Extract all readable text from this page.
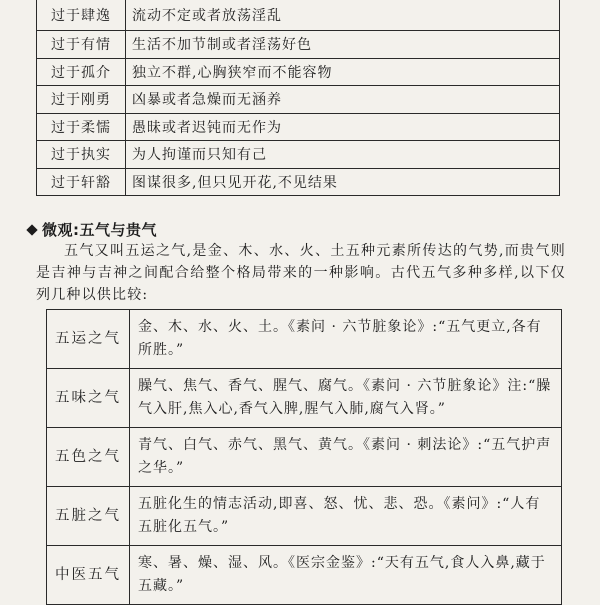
过于肆逸	流动不定或者放荡淫乱
过于有情	生活不加节制或者淫荡好色
过于孤介	独立不群,心胸狭窄而不能容物
过于刚勇	凶暴或者急燥而无涵养
过于柔懦	愚昧或者迟钝而无作为
过于执实	为人拘谨而只知有己
过于轩豁	图谋很多,但只见开花,不见结果
微观:五气与贵气
五气又叫五运之气,是金、木、水、火、土五种元素所传达的气势,而贵气则是吉神与吉神之间配合给整个格局带来的一种影响。古代五气多种多样,以下仅列几种以供比较:
五运之气	金、木、水、火、土。《素问 · 六节脏象论》:“五气更立,各有所胜。”
五味之气	臊气、焦气、香气、腥气、腐气。《素问 · 六节脏象论》注:“臊气入肝,焦入心,香气入脾,腥气入肺,腐气入肾。”
五色之气	青气、白气、赤气、黑气、黄气。《素问 · 刺法论》:“五气护声之华。”
五脏之气	五脏化生的情志活动,即喜、怒、忧、悲、恐。《素问》:“人有五脏化五气。”
中医五气	寒、暑、燥、湿、风。《医宗金鉴》:“天有五气,食人入鼻,藏于五藏。”
